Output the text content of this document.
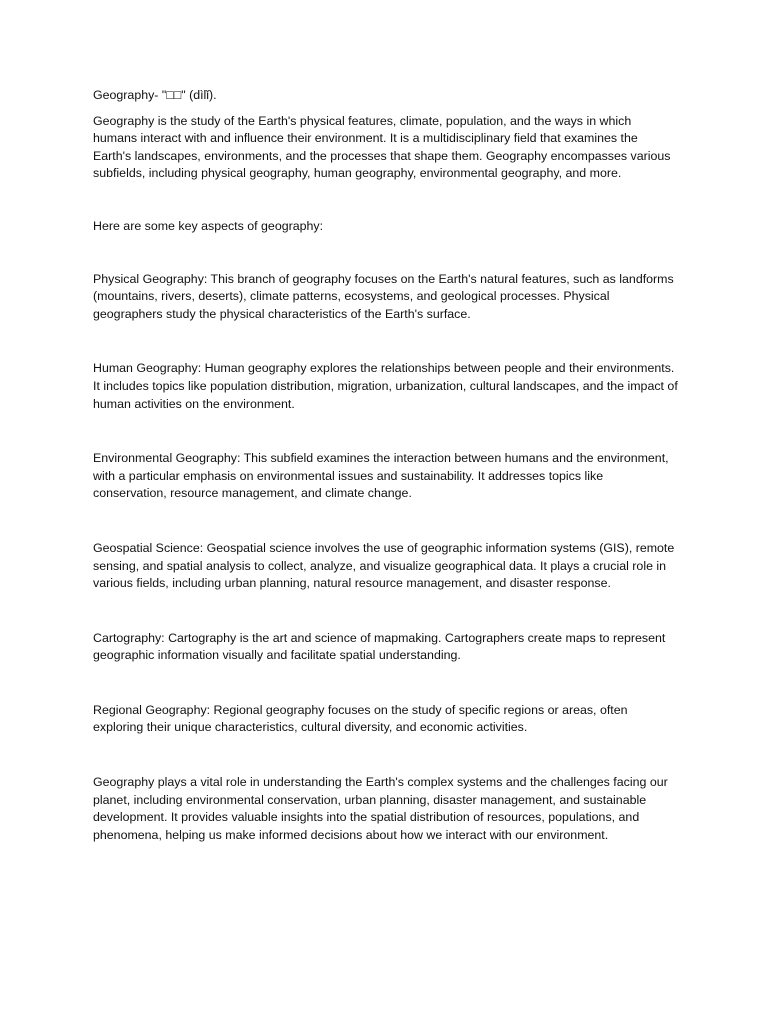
Geography- "□□" (dìlǐ).

Geography is the study of the Earth's physical features, climate, population, and the ways in which humans interact with and influence their environment. It is a multidisciplinary field that examines the Earth's landscapes, environments, and the processes that shape them. Geography encompasses various subfields, including physical geography, human geography, environmental geography, and more.

Here are some key aspects of geography:

Physical Geography: This branch of geography focuses on the Earth's natural features, such as landforms (mountains, rivers, deserts), climate patterns, ecosystems, and geological processes. Physical geographers study the physical characteristics of the Earth's surface.

Human Geography: Human geography explores the relationships between people and their environments. It includes topics like population distribution, migration, urbanization, cultural landscapes, and the impact of human activities on the environment.

Environmental Geography: This subfield examines the interaction between humans and the environment, with a particular emphasis on environmental issues and sustainability. It addresses topics like conservation, resource management, and climate change.

Geospatial Science: Geospatial science involves the use of geographic information systems (GIS), remote sensing, and spatial analysis to collect, analyze, and visualize geographical data. It plays a crucial role in various fields, including urban planning, natural resource management, and disaster response.

Cartography: Cartography is the art and science of mapmaking. Cartographers create maps to represent geographic information visually and facilitate spatial understanding.

Regional Geography: Regional geography focuses on the study of specific regions or areas, often exploring their unique characteristics, cultural diversity, and economic activities.

Geography plays a vital role in understanding the Earth's complex systems and the challenges facing our planet, including environmental conservation, urban planning, disaster management, and sustainable development. It provides valuable insights into the spatial distribution of resources, populations, and phenomena, helping us make informed decisions about how we interact with our environment.
